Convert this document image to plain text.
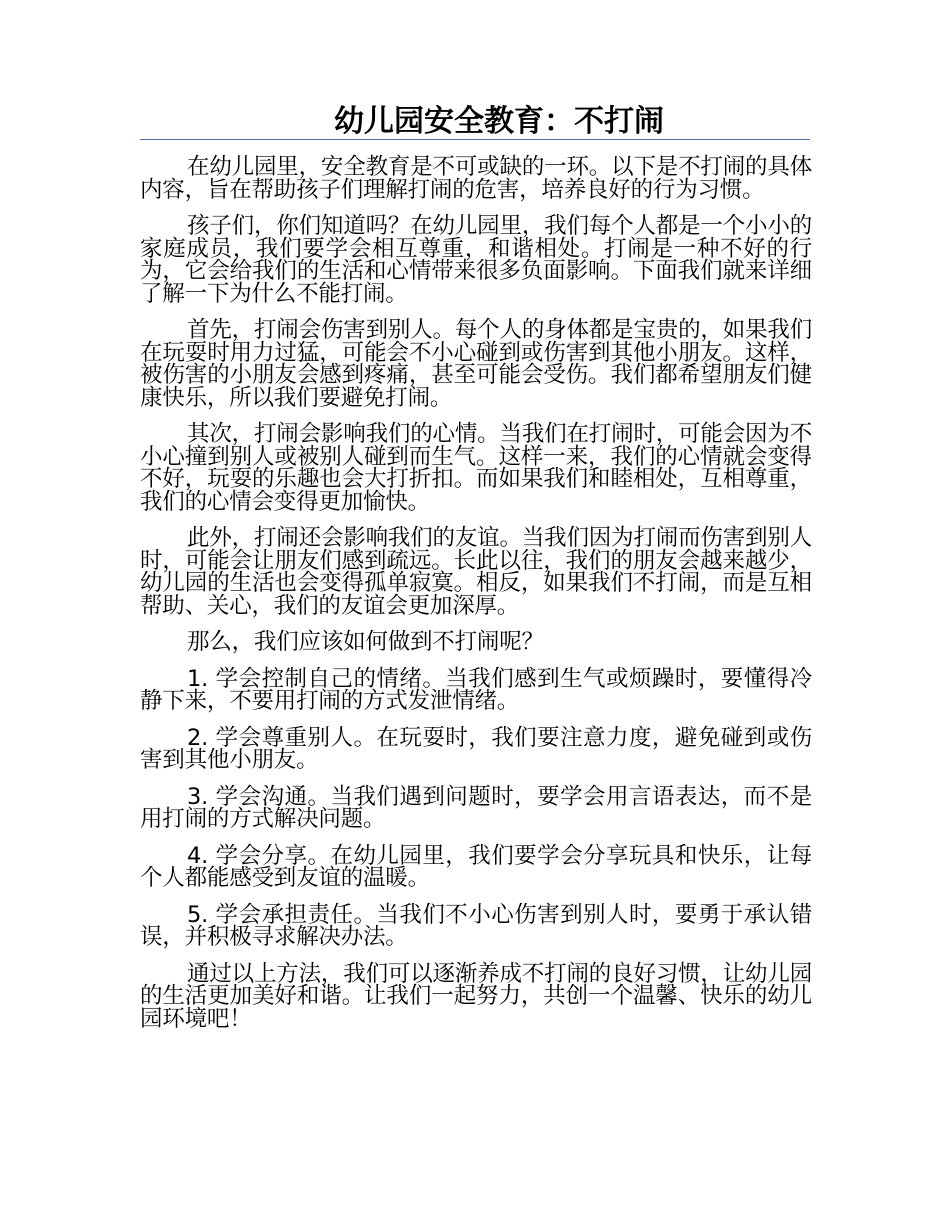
幼儿园安全教育：不打闹

在幼儿园里，安全教育是不可或缺的一环。以下是不打闹的具体内容，旨在帮助孩子们理解打闹的危害，培养良好的行为习惯。

孩子们，你们知道吗？在幼儿园里，我们每个人都是一个小小的家庭成员，我们要学会相互尊重，和谐相处。打闹是一种不好的行为，它会给我们的生活和心情带来很多负面影响。下面我们就来详细了解一下为什么不能打闹。

首先，打闹会伤害到别人。每个人的身体都是宝贵的，如果我们在玩耍时用力过猛，可能会不小心碰到或伤害到其他小朋友。这样，被伤害的小朋友会感到疼痛，甚至可能会受伤。我们都希望朋友们健康快乐，所以我们要避免打闹。

其次，打闹会影响我们的心情。当我们在打闹时，可能会因为不小心撞到别人或被别人碰到而生气。这样一来，我们的心情就会变得不好，玩耍的乐趣也会大打折扣。而如果我们和睦相处，互相尊重，我们的心情会变得更加愉快。

此外，打闹还会影响我们的友谊。当我们因为打闹而伤害到别人时，可能会让朋友们感到疏远。长此以往，我们的朋友会越来越少，幼儿园的生活也会变得孤单寂寞。相反，如果我们不打闹，而是互相帮助、关心，我们的友谊会更加深厚。

那么，我们应该如何做到不打闹呢？

1. 学会控制自己的情绪。当我们感到生气或烦躁时，要懂得冷静下来，不要用打闹的方式发泄情绪。

2. 学会尊重别人。在玩耍时，我们要注意力度，避免碰到或伤害到其他小朋友。

3. 学会沟通。当我们遇到问题时，要学会用言语表达，而不是用打闹的方式解决问题。

4. 学会分享。在幼儿园里，我们要学会分享玩具和快乐，让每个人都能感受到友谊的温暖。

5. 学会承担责任。当我们不小心伤害到别人时，要勇于承认错误，并积极寻求解决办法。

通过以上方法，我们可以逐渐养成不打闹的良好习惯，让幼儿园的生活更加美好和谐。让我们一起努力，共创一个温馨、快乐的幼儿园环境吧！
